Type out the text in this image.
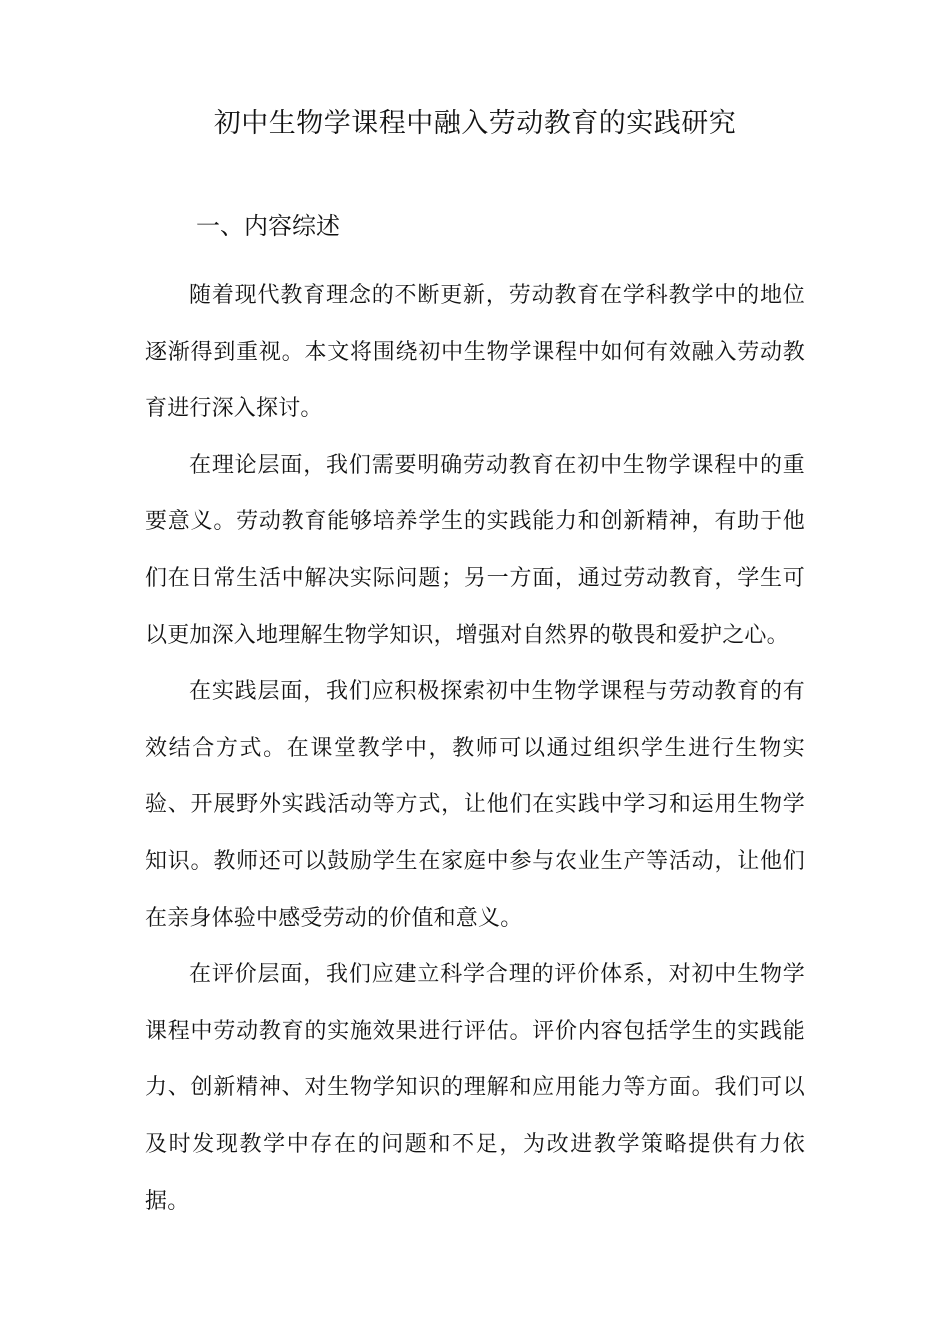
初中生物学课程中融入劳动教育的实践研究
一、内容综述

随着现代教育理念的不断更新，劳动教育在学科教学中的地位逐渐得到重视。本文将围绕初中生物学课程中如何有效融入劳动教育进行深入探讨。

在理论层面，我们需要明确劳动教育在初中生物学课程中的重要意义。劳动教育能够培养学生的实践能力和创新精神，有助于他们在日常生活中解决实际问题；另一方面，通过劳动教育，学生可以更加深入地理解生物学知识，增强对自然界的敬畏和爱护之心。

在实践层面，我们应积极探索初中生物学课程与劳动教育的有效结合方式。在课堂教学中，教师可以通过组织学生进行生物实验、开展野外实践活动等方式，让他们在实践中学习和运用生物学知识。教师还可以鼓励学生在家庭中参与农业生产等活动，让他们在亲身体验中感受劳动的价值和意义。

在评价层面，我们应建立科学合理的评价体系，对初中生物学课程中劳动教育的实施效果进行评估。评价内容包括学生的实践能力、创新精神、对生物学知识的理解和应用能力等方面。我们可以及时发现教学中存在的问题和不足，为改进教学策略提供有力依据。
